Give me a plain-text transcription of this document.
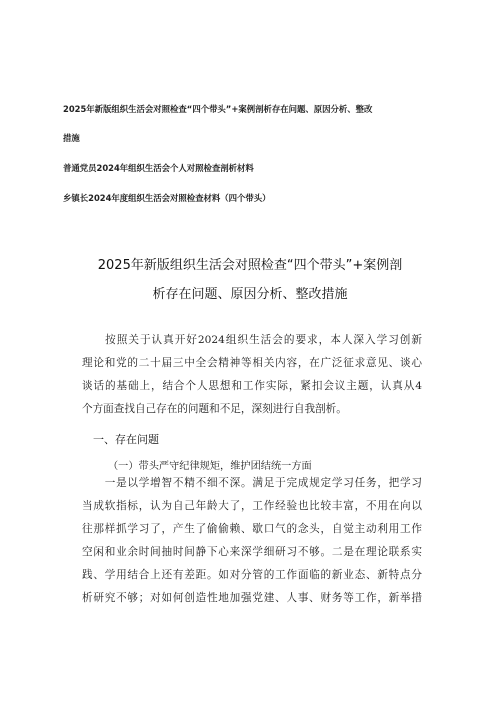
2025年新版组织生活会对照检查“四个带头”+案例剖析存在问题、原因分析、整改
措施
普通党员2024年组织生活会个人对照检查剖析材料
乡镇长2024年度组织生活会对照检查材料（四个带头）
2025年新版组织生活会对照检查“四个带头”+案例剖
析存在问题、原因分析、整改措施
　　按照关于认真开好2024组织生活会的要求，本人深入学习创新
理论和党的二十届三中全会精神等相关内容，在广泛征求意见、谈心
谈话的基础上，结合个人思想和工作实际，紧扣会议主题，认真从4
个方面查找自己存在的问题和不足，深刻进行自我剖析。
一、存在问题
（一）带头严守纪律规矩，维护团结统一方面
　　一是以学增智不精不细不深。满足于完成规定学习任务，把学习
当成软指标，认为自己年龄大了，工作经验也比较丰富，不用在向以
往那样抓学习了，产生了偷偷赖、歇口气的念头，自觉主动利用工作
空闲和业余时间抽时间静下心来深学细研习不够。二是在理论联系实
践、学用结合上还有差距。如对分管的工作面临的新业态、新特点分
析研究不够；对如何创造性地加强党建、人事、财务等工作，新举措
